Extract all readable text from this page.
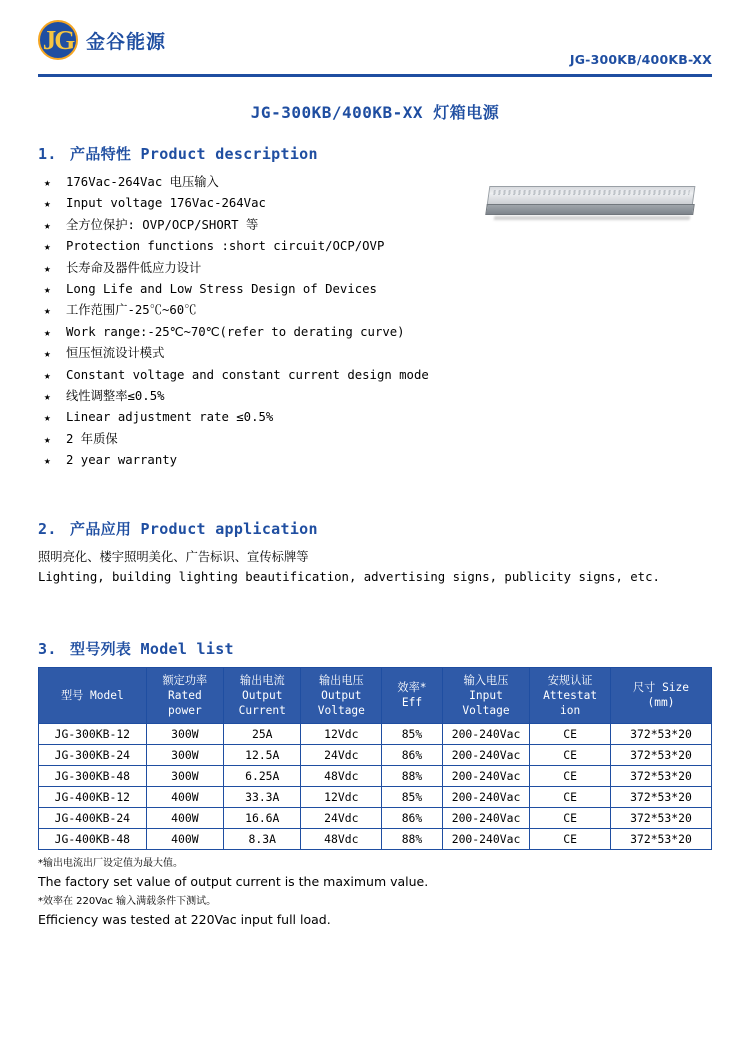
JG 金谷能源
JG-300KB/400KB-XX
JG-300KB/400KB-XX 灯箱电源
1. 产品特性 Product description
★ 176Vac-264Vac 电压输入
★ Input voltage 176Vac-264Vac
★ 全方位保护: OVP/OCP/SHORT 等
★ Protection functions :short circuit/OCP/OVP
★ 长寿命及器件低应力设计
★ Long Life and Low Stress Design of Devices
★ 工作范围广-25℃~60℃
★ Work range:-25℃~70℃(refer to derating curve)
★ 恒压恒流设计模式
★ Constant voltage and constant current design mode
★ 线性调整率≤0.5%
★ Linear adjustment rate ≤0.5%
★ 2 年质保
★ 2 year warranty
2. 产品应用 Product application
照明亮化、楼宇照明美化、广告标识、宣传标牌等
Lighting, building lighting beautification, advertising signs, publicity signs, etc.
3. 型号列表 Model list
型号 Model

额定功率
Rated
power

输出电流
Output
Current

输出电压
Output
Voltage

效率*
Eff

输入电压
Input
Voltage

安规认证
Attestat
ion

尺寸 Size
(mm)

JG-300KB-12	300W	25A	12Vdc	85%	200-240Vac	CE	372*53*20
JG-300KB-24	300W	12.5A	24Vdc	86%	200-240Vac	CE	372*53*20
JG-300KB-48	300W	6.25A	48Vdc	88%	200-240Vac	CE	372*53*20
JG-400KB-12	400W	33.3A	12Vdc	85%	200-240Vac	CE	372*53*20
JG-400KB-24	400W	16.6A	24Vdc	86%	200-240Vac	CE	372*53*20
JG-400KB-48	400W	8.3A	48Vdc	88%	200-240Vac	CE	372*53*20
*输出电流出厂设定值为最大值。
The factory set value of output current is the maximum value.
*效率在 220Vac 输入满载条件下测试。
Efficiency was tested at 220Vac input full load.
